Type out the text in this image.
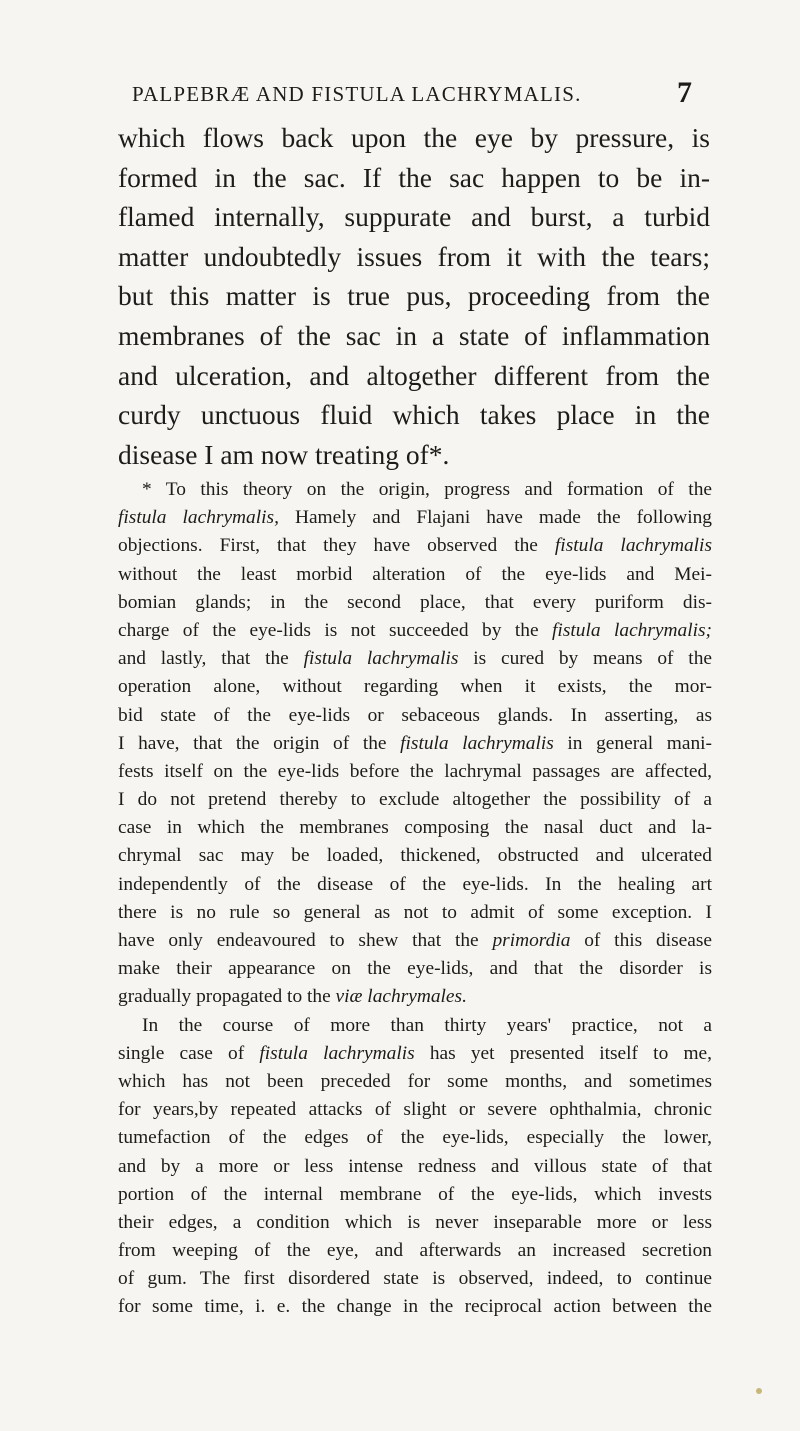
PALPEBRÆ AND FISTULA LACHRYMALIS.	7
which flows back upon the eye by pressure, is
formed in the sac. If the sac happen to be in-
flamed internally, suppurate and burst, a turbid
matter undoubtedly issues from it with the tears;
but this matter is true pus, proceeding from the
membranes of the sac in a state of inflammation
and ulceration, and altogether different from the
curdy unctuous fluid which takes place in the
disease I am now treating of*.
* To this theory on the origin, progress and formation of the
fistula lachrymalis, Hamely and Flajani have made the following
objections. First, that they have observed the fistula lachrymalis
without the least morbid alteration of the eye-lids and Mei-
bomian glands; in the second place, that every puriform dis-
charge of the eye-lids is not succeeded by the fistula lachrymalis;
and lastly, that the fistula lachrymalis is cured by means of the
operation alone, without regarding when it exists, the mor-
bid state of the eye-lids or sebaceous glands. In asserting, as
I have, that the origin of the fistula lachrymalis in general mani-
fests itself on the eye-lids before the lachrymal passages are affected,
I do not pretend thereby to exclude altogether the possibility of a
case in which the membranes composing the nasal duct and la-
chrymal sac may be loaded, thickened, obstructed and ulcerated
independently of the disease of the eye-lids. In the healing art
there is no rule so general as not to admit of some exception. I
have only endeavoured to shew that the primordia of this disease
make their appearance on the eye-lids, and that the disorder is
gradually propagated to the viæ lachrymales.
In the course of more than thirty years' practice, not a
single case of fistula lachrymalis has yet presented itself to me,
which has not been preceded for some months, and sometimes
for years,by repeated attacks of slight or severe ophthalmia, chronic
tumefaction of the edges of the eye-lids, especially the lower,
and by a more or less intense redness and villous state of that
portion of the internal membrane of the eye-lids, which invests
their edges, a condition which is never inseparable more or less
from weeping of the eye, and afterwards an increased secretion
of gum. The first disordered state is observed, indeed, to continue
for some time, i. e. the change in the reciprocal action between the
